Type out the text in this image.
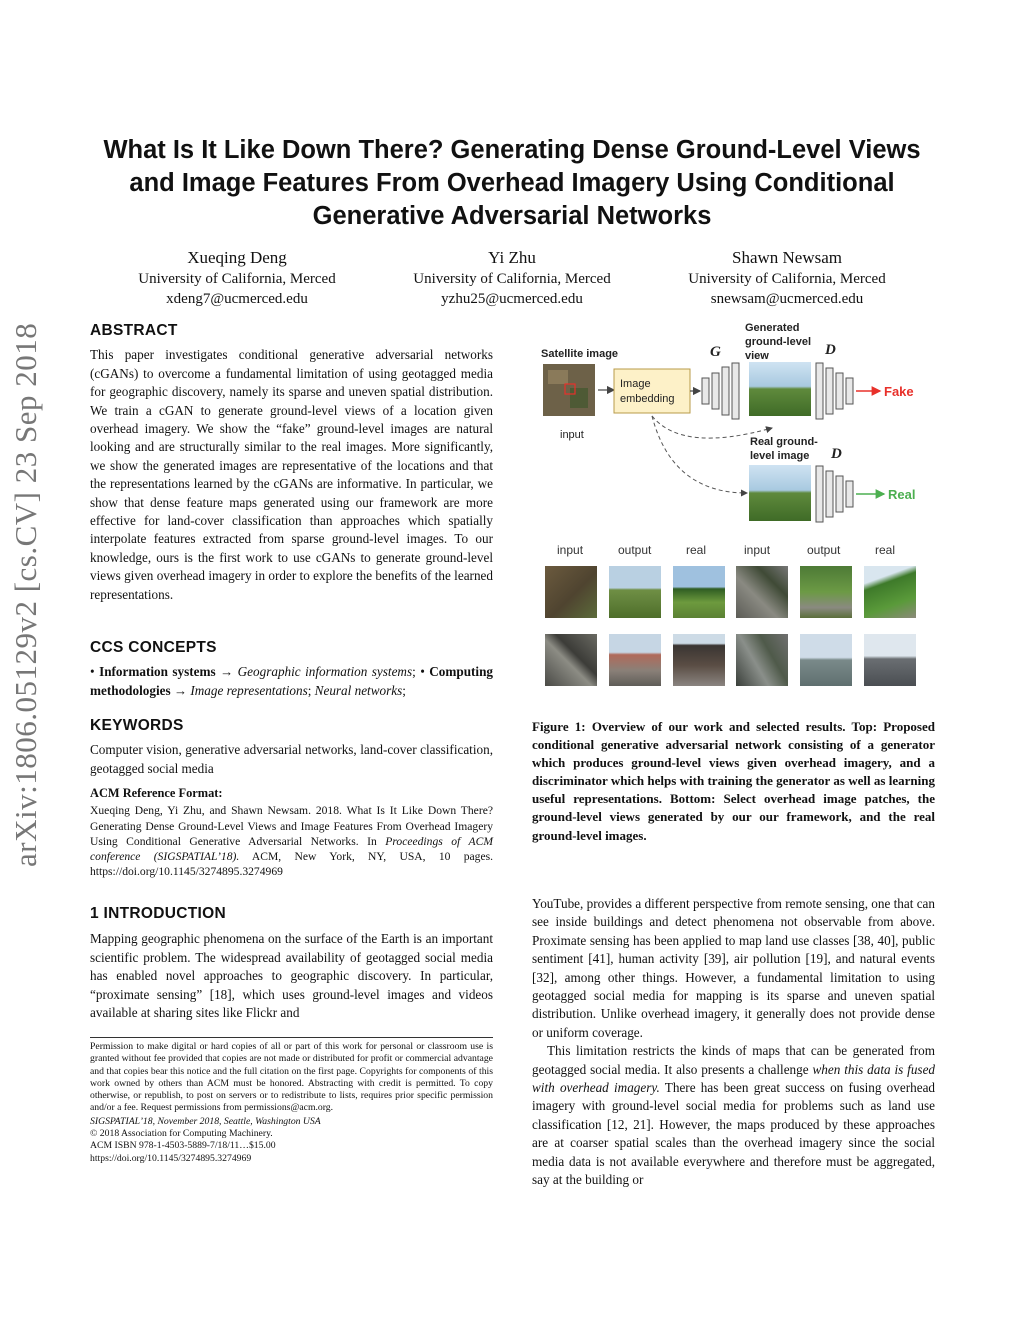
arXiv:1806.05129v2 [cs.CV] 23 Sep 2018
What Is It Like Down There? Generating Dense Ground-Level Views and Image Features From Overhead Imagery Using Conditional Generative Adversarial Networks
Xueqing Deng
University of California, Merced
xdeng7@ucmerced.edu
Yi Zhu
University of California, Merced
yzhu25@ucmerced.edu
Shawn Newsam
University of California, Merced
snewsam@ucmerced.edu
ABSTRACT

This paper investigates conditional generative adversarial networks (cGANs) to overcome a fundamental limitation of using geotagged media for geographic discovery, namely its sparse and uneven spatial distribution. We train a cGAN to generate ground-level views of a location given overhead imagery. We show the “fake” ground-level images are natural looking and are structurally similar to the real images. More significantly, we show the generated images are representative of the locations and that the representations learned by the cGANs are informative. In particular, we show that dense feature maps generated using our framework are more effective for land-cover classification than approaches which spatially interpolate features extracted from sparse ground-level images. To our knowledge, ours is the first work to use cGANs to generate ground-level views given overhead imagery in order to explore the benefits of the learned representations.

CCS CONCEPTS

• Information systems → Geographic information systems; • Computing methodologies → Image representations; Neural networks;

KEYWORDS

Computer vision, generative adversarial networks, land-cover classification, geotagged social media

ACM Reference Format:

Xueqing Deng, Yi Zhu, and Shawn Newsam. 2018. What Is It Like Down There? Generating Dense Ground-Level Views and Image Features From Overhead Imagery Using Conditional Generative Adversarial Networks. In Proceedings of ACM conference (SIGSPATIAL’18). ACM, New York, NY, USA, 10 pages. https://doi.org/10.1145/3274895.3274969

1 INTRODUCTION

Mapping geographic phenomena on the surface of the Earth is an important scientific problem. The widespread availability of geotagged social media has enabled novel approaches to geographic discovery. In particular, “proximate sensing” [18], which uses ground-level images and videos available at sharing sites like Flickr and

Permission to make digital or hard copies of all or part of this work for personal or classroom use is granted without fee provided that copies are not made or distributed for profit or commercial advantage and that copies bear this notice and the full citation on the first page. Copyrights for components of this work owned by others than ACM must be honored. Abstracting with credit is permitted. To copy otherwise, or republish, to post on servers or to redistribute to lists, requires prior specific permission and/or a fee. Request permissions from permissions@acm.org.

SIGSPATIAL’18, November 2018, Seattle, Washington USA

© 2018 Association for Computing Machinery.

ACM ISBN 978-1-4503-5889-7/18/11…$15.00

https://doi.org/10.1145/3274895.3274969

Satellite image
input
Image
embedding
G
Generated
ground-level
view	D
Fake
Real ground-
level image D
Real
input	output	real	input	output	real
Figure 1: Overview of our work and selected results. Top: Proposed conditional generative adversarial network consisting of a generator which produces ground-level views given overhead imagery, and a discriminator which helps with training the generator as well as learning useful representations. Bottom: Select overhead image patches, the ground-level views generated by our our framework, and the real ground-level images.

YouTube, provides a different perspective from remote sensing, one that can see inside buildings and detect phenomena not observable from above. Proximate sensing has been applied to map land use classes [38, 40], public sentiment [41], human activity [39], air pollution [19], and natural events [32], among other things. However, a fundamental limitation to using geotagged social media for mapping is its sparse and uneven spatial distribution. Unlike overhead imagery, it generally does not provide dense or uniform coverage.

This limitation restricts the kinds of maps that can be generated from geotagged social media. It also presents a challenge when this data is fused with overhead imagery. There has been great success on fusing overhead imagery with ground-level social media for problems such as land use classification [12, 21]. However, the maps produced by these approaches are at coarser spatial scales than the overhead imagery since the social media data is not available everywhere and therefore must be aggregated, say at the building or
